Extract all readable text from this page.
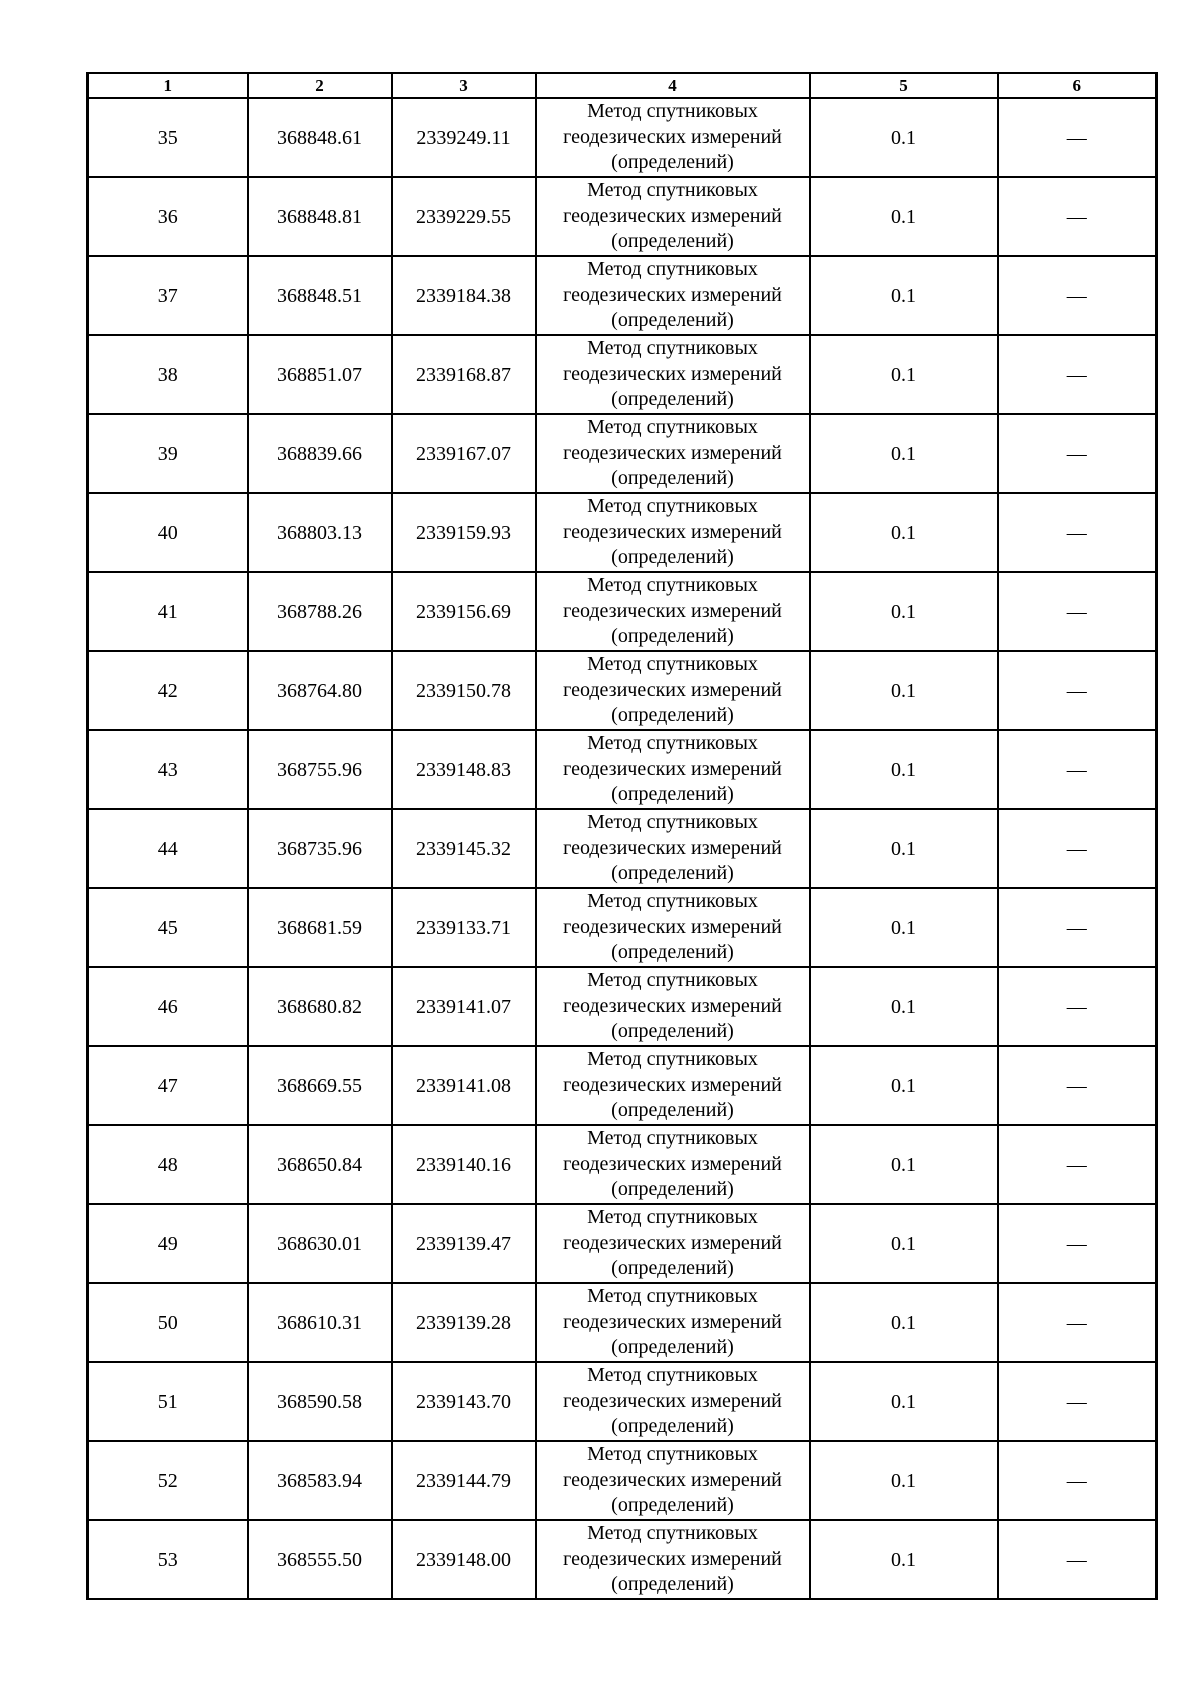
1	2	3	4	5	6
35	368848.61	2339249.11	Метод спутниковых
геодезических измерений
(определений)	0.1	—
36	368848.81	2339229.55	Метод спутниковых
геодезических измерений
(определений)	0.1	—
37	368848.51	2339184.38	Метод спутниковых
геодезических измерений
(определений)	0.1	—
38	368851.07	2339168.87	Метод спутниковых
геодезических измерений
(определений)	0.1	—
39	368839.66	2339167.07	Метод спутниковых
геодезических измерений
(определений)	0.1	—
40	368803.13	2339159.93	Метод спутниковых
геодезических измерений
(определений)	0.1	—
41	368788.26	2339156.69	Метод спутниковых
геодезических измерений
(определений)	0.1	—
42	368764.80	2339150.78	Метод спутниковых
геодезических измерений
(определений)	0.1	—
43	368755.96	2339148.83	Метод спутниковых
геодезических измерений
(определений)	0.1	—
44	368735.96	2339145.32	Метод спутниковых
геодезических измерений
(определений)	0.1	—
45	368681.59	2339133.71	Метод спутниковых
геодезических измерений
(определений)	0.1	—
46	368680.82	2339141.07	Метод спутниковых
геодезических измерений
(определений)	0.1	—
47	368669.55	2339141.08	Метод спутниковых
геодезических измерений
(определений)	0.1	—
48	368650.84	2339140.16	Метод спутниковых
геодезических измерений
(определений)	0.1	—
49	368630.01	2339139.47	Метод спутниковых
геодезических измерений
(определений)	0.1	—
50	368610.31	2339139.28	Метод спутниковых
геодезических измерений
(определений)	0.1	—
51	368590.58	2339143.70	Метод спутниковых
геодезических измерений
(определений)	0.1	—
52	368583.94	2339144.79	Метод спутниковых
геодезических измерений
(определений)	0.1	—
53	368555.50	2339148.00	Метод спутниковых
геодезических измерений
(определений)	0.1	—
